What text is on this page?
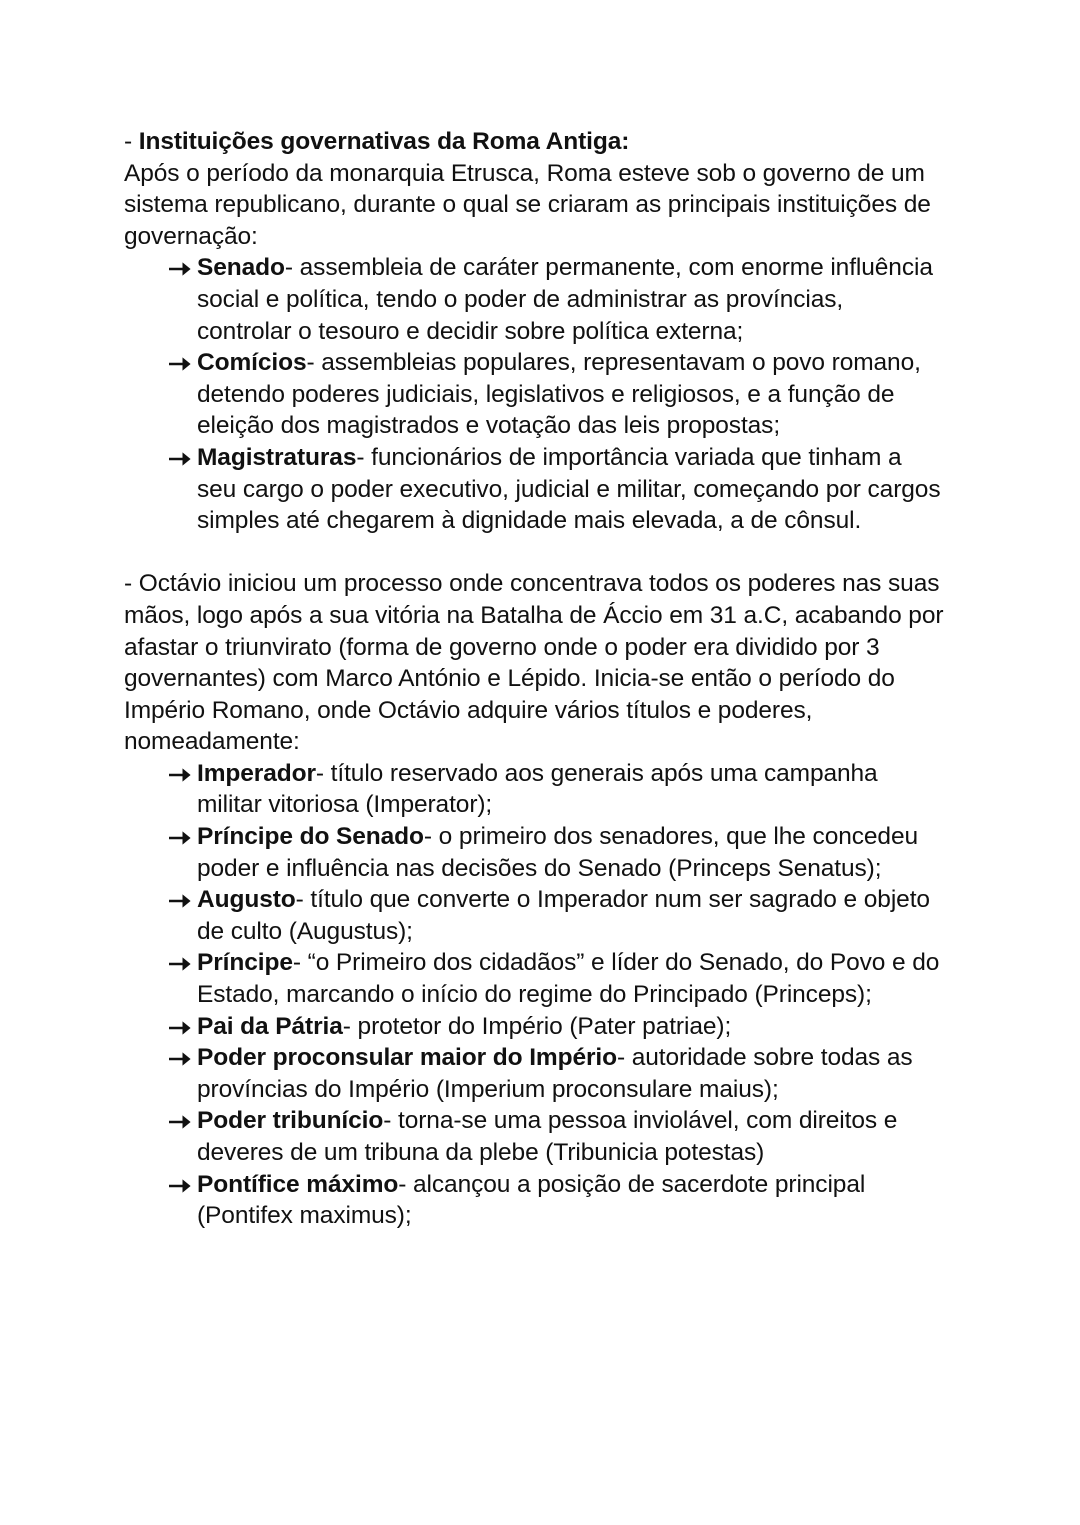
- Instituições governativas da Roma Antiga:

Após o período da monarquia Etrusca, Roma esteve sob o governo de um sistema republicano, durante o qual se criaram as principais instituições de governação:

Senado- assembleia de caráter permanente, com enorme influência social e política, tendo o poder de administrar as províncias, controlar o tesouro e decidir sobre política externa;
Comícios- assembleias populares, representavam o povo romano, detendo poderes judiciais, legislativos e religiosos, e a função de eleição dos magistrados e votação das leis propostas;
Magistraturas- funcionários de importância variada que tinham a seu cargo o poder executivo, judicial e militar, começando por cargos simples até chegarem à dignidade mais elevada, a de cônsul.

- Octávio iniciou um processo onde concentrava todos os poderes nas suas mãos, logo após a sua vitória na Batalha de Áccio em 31 a.C, acabando por afastar o triunvirato (forma de governo onde o poder era dividido por 3 governantes) com Marco António e Lépido. Inicia-se então o período do Império Romano, onde Octávio adquire vários títulos e poderes, nomeadamente:

Imperador- título reservado aos generais após uma campanha militar vitoriosa (Imperator);
Príncipe do Senado- o primeiro dos senadores, que lhe concedeu poder e influência nas decisões do Senado (Princeps Senatus);
Augusto- título que converte o Imperador num ser sagrado e objeto de culto (Augustus);
Príncipe- “o Primeiro dos cidadãos” e líder do Senado, do Povo e do Estado, marcando o início do regime do Principado (Princeps);
Pai da Pátria- protetor do Império (Pater patriae);
Poder proconsular maior do Império- autoridade sobre todas as províncias do Império (Imperium proconsulare maius);
Poder tribunício- torna-se uma pessoa inviolável, com direitos e deveres de um tribuna da plebe (Tribunicia potestas)
Pontífice máximo- alcançou a posição de sacerdote principal (Pontifex maximus);
